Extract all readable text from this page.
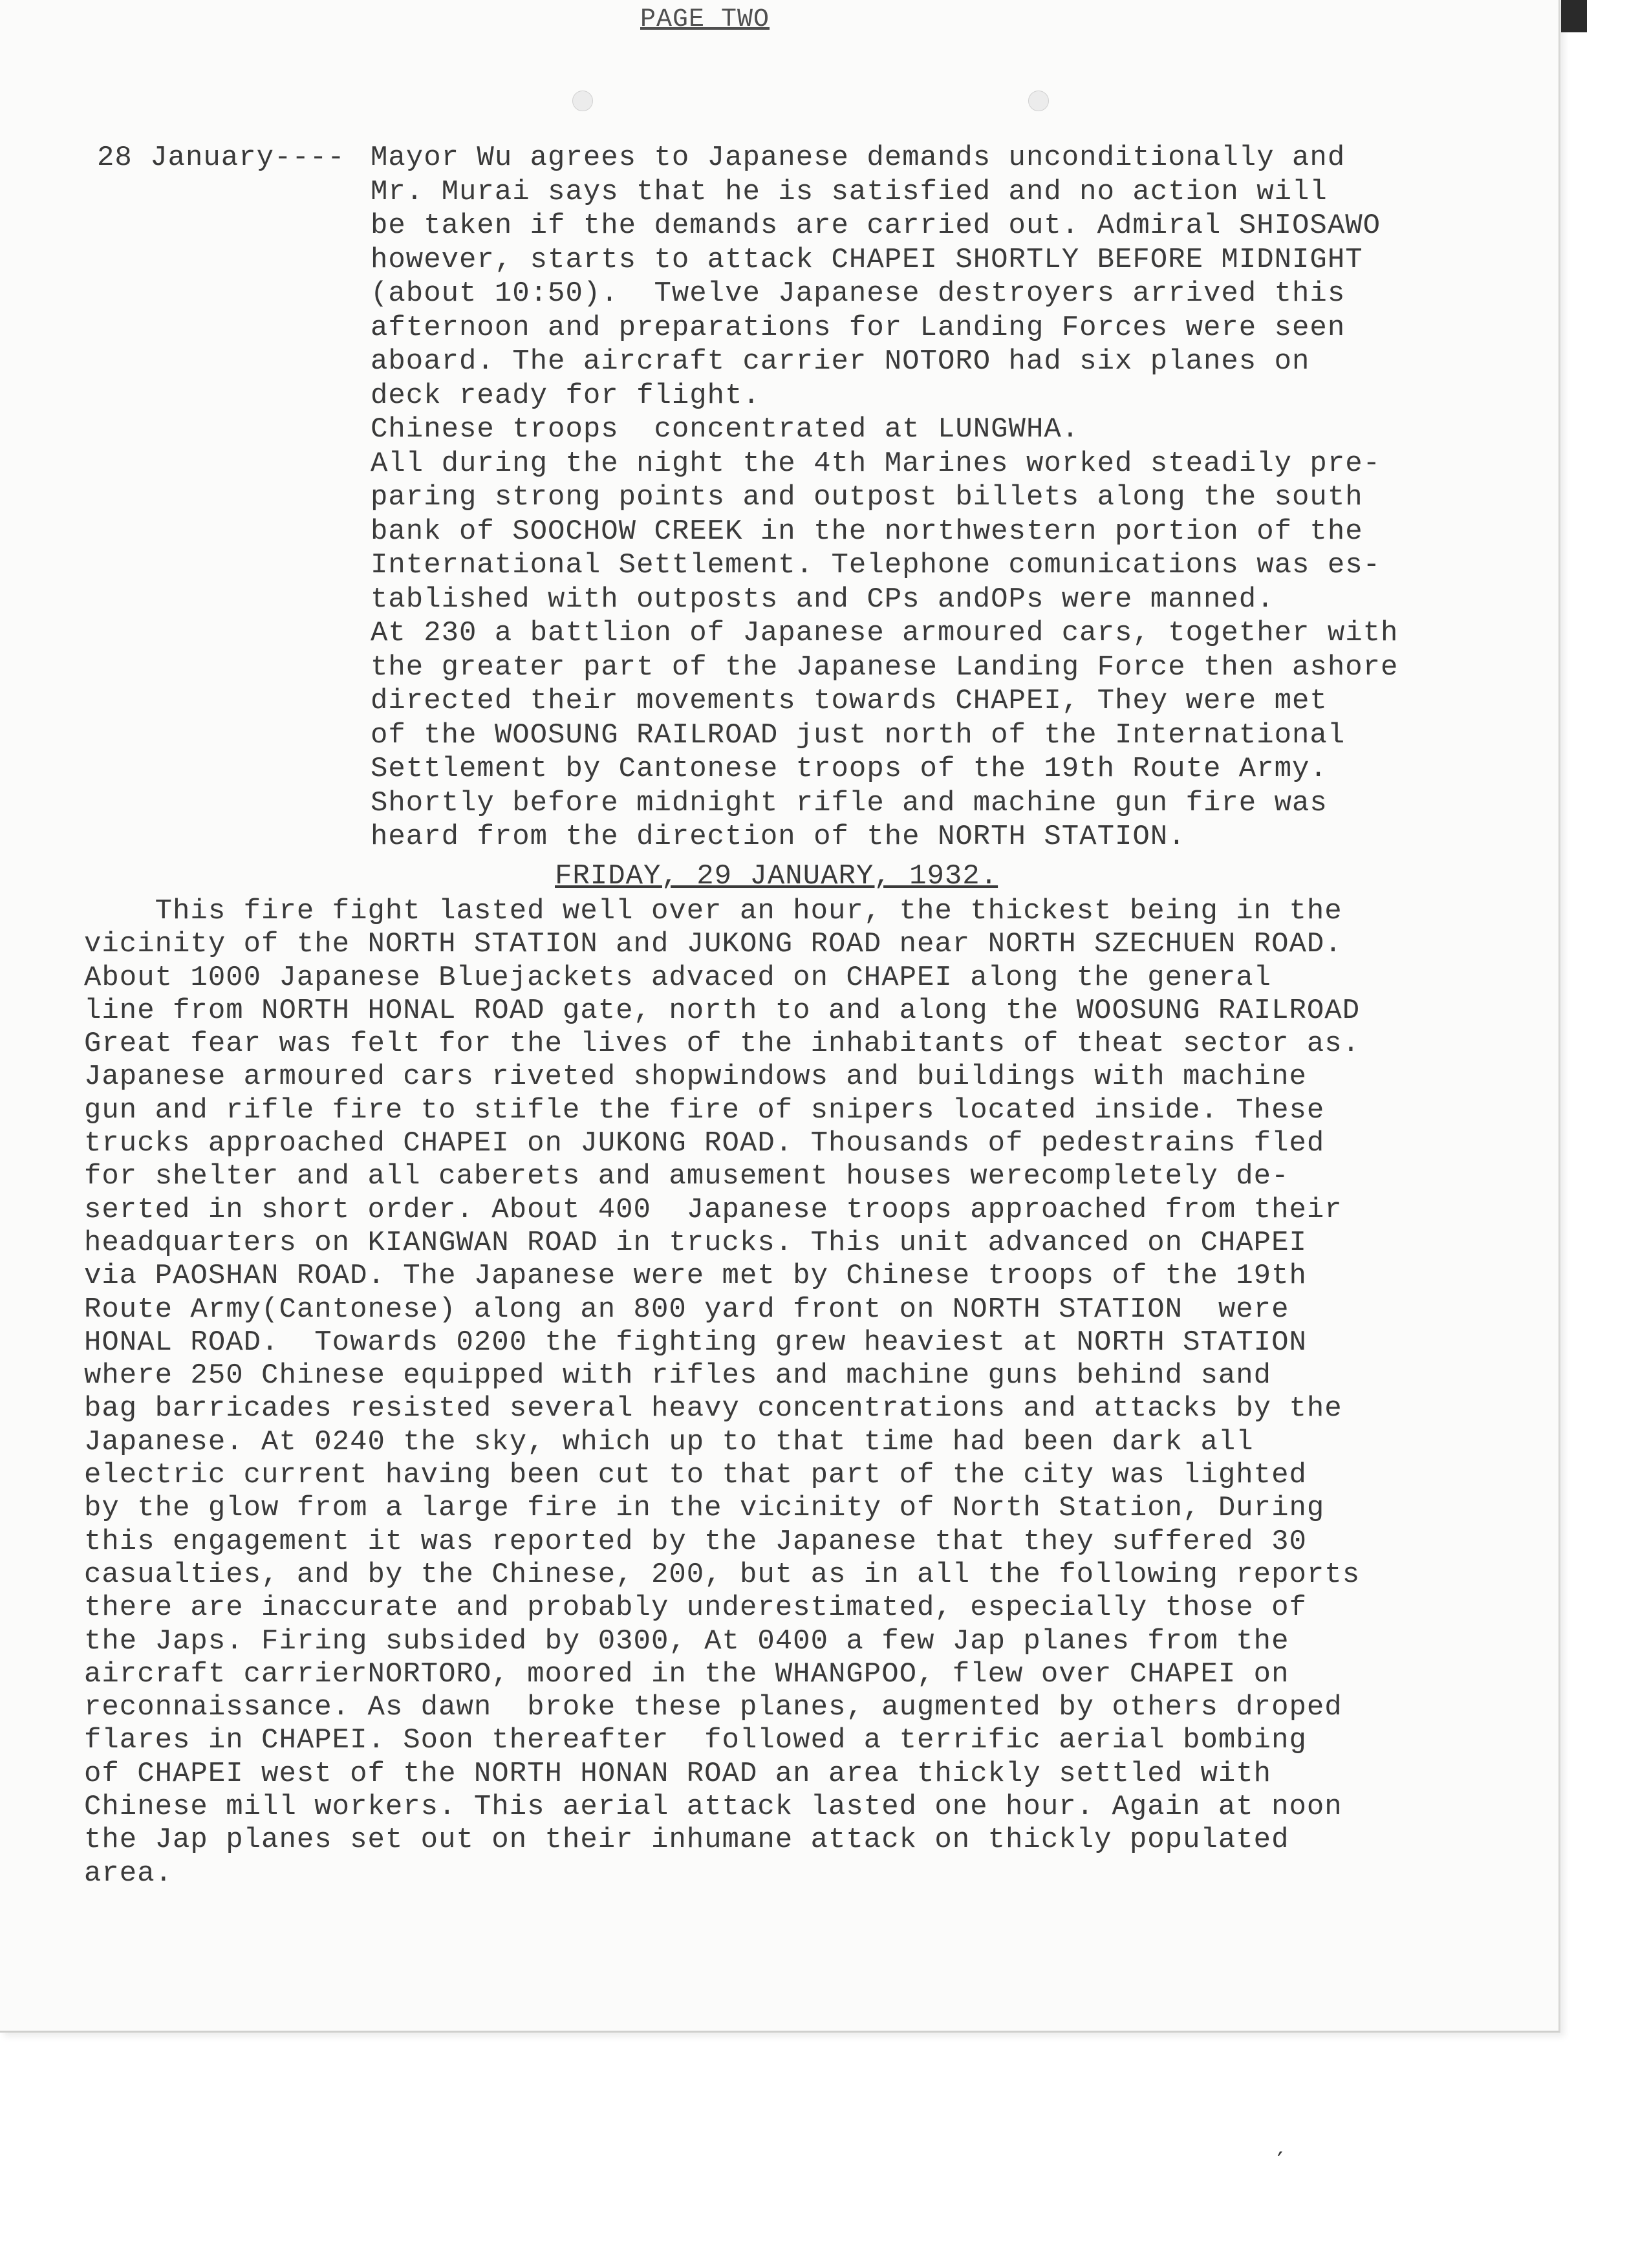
PAGE TWO
28 January---- Mayor Wu agrees to Japanese demands unconditionally and
Mr. Murai says that he is satisfied and no action will
be taken if the demands are carried out. Admiral SHIOSAWO
however, starts to attack CHAPEI SHORTLY BEFORE MIDNIGHT
(about 10:50).  Twelve Japanese destroyers arrived this
afternoon and preparations for Landing Forces were seen
aboard. The aircraft carrier NOTORO had six planes on
deck ready for flight.
Chinese troops  concentrated at LUNGWHA.
All during the night the 4th Marines worked steadily pre-
paring strong points and outpost billets along the south
bank of SOOCHOW CREEK in the northwestern portion of the
International Settlement. Telephone comunications was es-
tablished with outposts and CPs andOPs were manned.
At 230 a battlion of Japanese armoured cars, together with
the greater part of the Japanese Landing Force then ashore
directed their movements towards CHAPEI, They were met
of the WOOSUNG RAILROAD just north of the International
Settlement by Cantonese troops of the 19th Route Army.
Shortly before midnight rifle and machine gun fire was
heard from the direction of the NORTH STATION.
FRIDAY, 29 JANUARY, 1932.
This fire fight lasted well over an hour, the thickest being in the
vicinity of the NORTH STATION and JUKONG ROAD near NORTH SZECHUEN ROAD.
About 1000 Japanese Bluejackets advaced on CHAPEI along the general
line from NORTH HONAL ROAD gate, north to and along the WOOSUNG RAILROAD
Great fear was felt for the lives of the inhabitants of theat sector as.
Japanese armoured cars riveted shopwindows and buildings with machine
gun and rifle fire to stifle the fire of snipers located inside. These
trucks approached CHAPEI on JUKONG ROAD. Thousands of pedestrains fled
for shelter and all caberets and amusement houses werecompletely de-
serted in short order. About 400  Japanese troops approached from their
headquarters on KIANGWAN ROAD in trucks. This unit advanced on CHAPEI
via PAOSHAN ROAD. The Japanese were met by Chinese troops of the 19th
Route Army(Cantonese) along an 800 yard front on NORTH STATION  were
HONAL ROAD.  Towards 0200 the fighting grew heaviest at NORTH STATION
where 250 Chinese equipped with rifles and machine guns behind sand
bag barricades resisted several heavy concentrations and attacks by the
Japanese. At 0240 the sky, which up to that time had been dark all
electric current having been cut to that part of the city was lighted
by the glow from a large fire in the vicinity of North Station, During
this engagement it was reported by the Japanese that they suffered 30
casualties, and by the Chinese, 200, but as in all the following reports
there are inaccurate and probably underestimated, especially those of
the Japs. Firing subsided by 0300, At 0400 a few Jap planes from the
aircraft carrierNORTORO, moored in the WHANGPOO, flew over CHAPEI on
reconnaissance. As dawn  broke these planes, augmented by others droped
flares in CHAPEI. Soon thereafter  followed a terrific aerial bombing
of CHAPEI west of the NORTH HONAN ROAD an area thickly settled with
Chinese mill workers. This aerial attack lasted one hour. Again at noon
the Jap planes set out on their inhumane attack on thickly populated
area.
′
